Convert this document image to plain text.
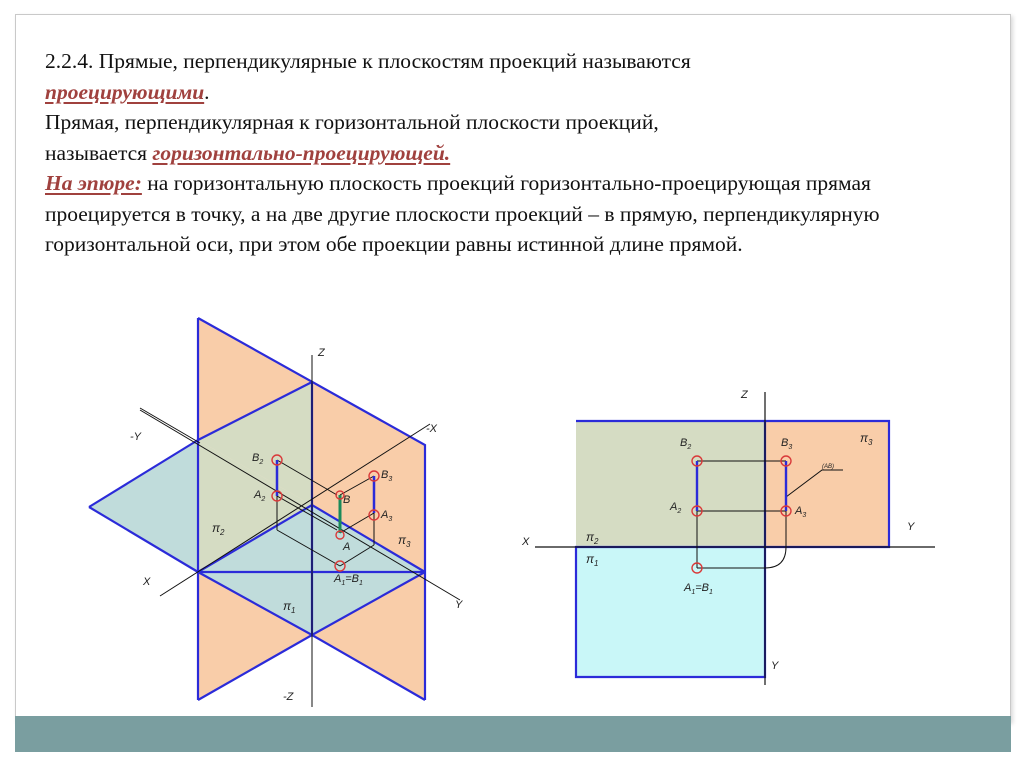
2.2.4. Прямые, перпендикулярные к плоскостям проекций называются
проецирующими.
Прямая, перпендикулярная к горизонтальной плоскости проекций,
называется горизонтально-проецирующей.
На эпюре: на горизонтальную плоскость проекций горизонтально-проецирующая прямая проецируется в точку, а на две другие плоскости проекций – в прямую, перпендикулярную горизонтальной оси, при этом обе проекции равны истинной длине прямой.
Z
-Z
X
-X
Y
-Y
$\pi_2$
$\pi_1$
$\pi_3$
$B_2$
$A_2$
$B_3$
$A_3$
B
A
$A_1=B_1$
Z
X
Y
Y
$\pi_2$
$\pi_1$
$\pi_3$
$B_2$
$A_2$
$B_3$
$A_3$
$A_1=B_1$
(AB)
